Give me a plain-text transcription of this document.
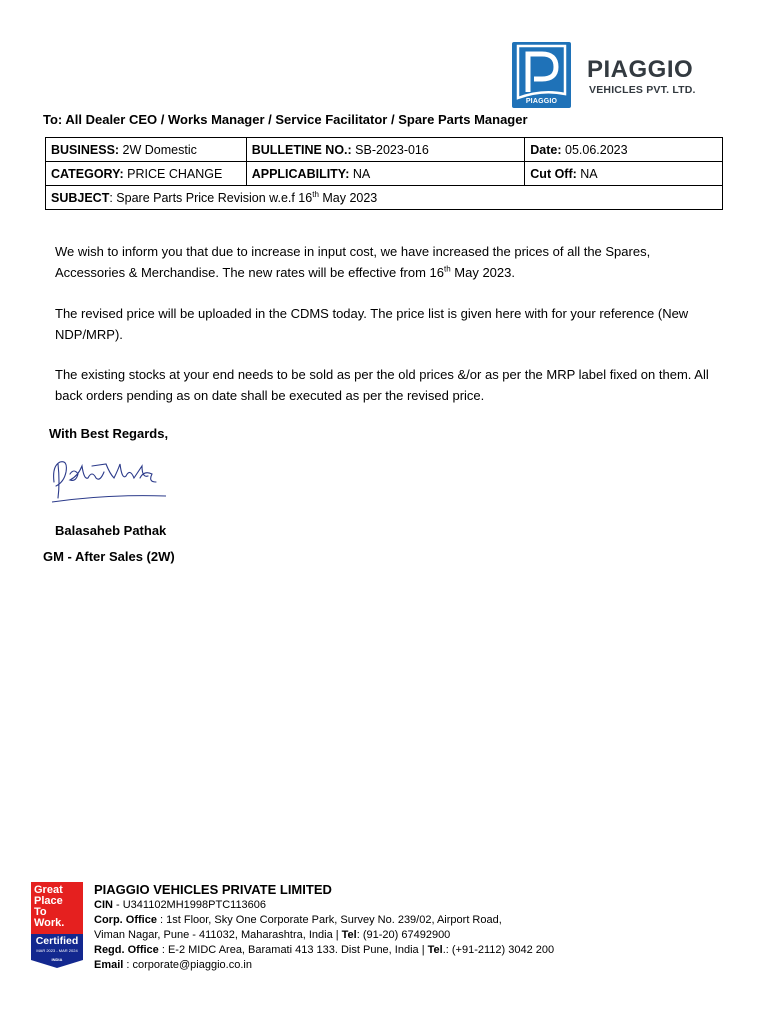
PIAGGIO
PIAGGIO
VEHICLES PVT. LTD.
To: All Dealer CEO / Works Manager / Service Facilitator / Spare Parts Manager
BUSINESS: 2W Domestic	BULLETINE NO.: SB-2023-016	Date: 05.06.2023
CATEGORY: PRICE CHANGE	APPLICABILITY: NA	Cut Off: NA
SUBJECT: Spare Parts Price Revision w.e.f 16th May 2023		
We wish to inform you that due to increase in input cost, we have increased the prices of all the Spares, Accessories & Merchandise. The new rates will be effective from 16th May 2023.
The revised price will be uploaded in the CDMS today. The price list is given here with for your reference (New NDP/MRP).
The existing stocks at your end needs to be sold as per the old prices &/or as per the MRP label fixed on them. All back orders pending as on date shall be executed as per the revised price.
With Best Regards,
Balasaheb Pathak
GM - After Sales (2W)
Great
Place
To
Work.
Certified
MAR 2023 - MAR 2024
INDIA
PIAGGIO VEHICLES PRIVATE LIMITED
CIN - U341102MH1998PTC113606
Corp. Office : 1st Floor, Sky One Corporate Park, Survey No. 239/02, Airport Road,
Viman Nagar, Pune - 411032, Maharashtra, India | Tel: (91-20) 67492900
Regd. Office : E-2 MIDC Area, Baramati 413 133. Dist Pune, India | Tel.: (+91-2112) 3042 200
Email : corporate@piaggio.co.in
